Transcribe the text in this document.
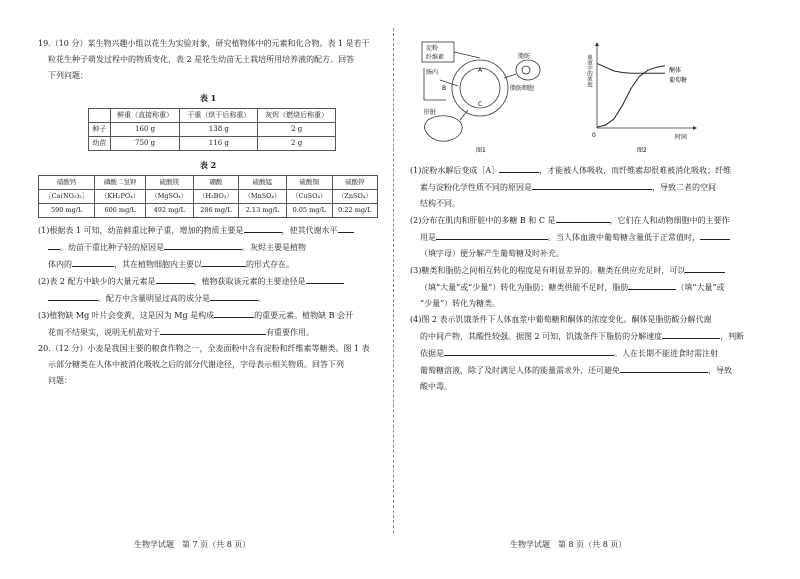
19.（10 分）某生物兴趣小组以花生为实验对象，研究植物体中的元素和化合物。表 1 是若干

粒花生种子萌发过程中的物质变化，表 2 是花生幼苗无土栽培所用培养液的配方。回答

下列问题：

表 1
	鲜重（直接称重）	干重（烘干后称重）	灰烬（燃烧后称重）
种子	160 g	138 g	2 g
幼苗	750 g	116 g	2 g
表 2
硝酸钙	磷酸二氢钾	硫酸镁	硼酸	硫酸锰	硫酸铜	硫酸锌
［Ca(NO₃)₂］	（KH₂PO₄）	（MgSO₄）	（H₃BO₃）	（MnSO₄）	（CuSO₄）	（ZnSO₄）
590 mg/L	606 mg/L	492 mg/L	286 mg/L	2.13 mg/L	0.05 mg/L	0.22 mg/L

(1)根据表 1 可知，幼苗鲜重比种子重，增加的物质主要是	，使其代谢水平

。幼苗干重比种子轻的原因是	。灰烬主要是植物

体内的	，其在植物细胞内主要以	的形式存在。

(2)表 2 配方中缺少的大量元素是	，植物获取该元素的主要途径是

。配方中含量明显过高的成分是	。

(3)植物缺 Mg 叶片会变黄，这是因为 Mg 是构成	的重要元素。植物缺 B 会开

花而不结果实，说明无机盐对于	有重要作用。

20.（12 分）小麦是我国主要的粮食作物之一，全麦面粉中含有淀粉和纤维素等糖类。图 1 表

示部分糖类在人体中被消化吸收之后的部分代谢途径，字母表示相关物质。回答下列

问题：

淀粉
纤维素
肠内
B
A
C
脂肪
脂肪细胞
肝脏
图1
血液中的浓度
时间
0
酮体
葡萄糖
图2

(1)淀粉水解后变成［A］	，才能被人体吸收，而纤维素却很难被消化吸收；纤维

素与淀粉化学性质不同的原因是	，导致二者的空间

结构不同。

(2)分布在肌肉和肝脏中的多糖 B 和 C 是	，它们在人和动物细胞中的主要作

用是	。当人体血液中葡萄糖含量低于正常值时，

（填字母）便分解产生葡萄糖及时补充。

(3)糖类和脂肪之间相互转化的程度是有明显差异的。糖类在供应充足时，可以

（填“大量”或“少量”）转化为脂肪；糖类供能不足时，脂肪	（填“大量”或

“少量”）转化为糖类。

(4)图 2 表示饥饿条件下人体血浆中葡萄糖和酮体的浓度变化。酮体是脂肪酸分解代谢

的中间产物，其酸性较强。据图 2 可知，饥饿条件下脂肪的分解速度	，判断

依据是	。人在长期不能进食时需注射

葡萄糖溶液，除了及时满足人体的能量需求外，还可避免	，导致

酸中毒。

生物学试题　第 7 页（共 8 页）	生物学试题　第 8 页（共 8 页）
